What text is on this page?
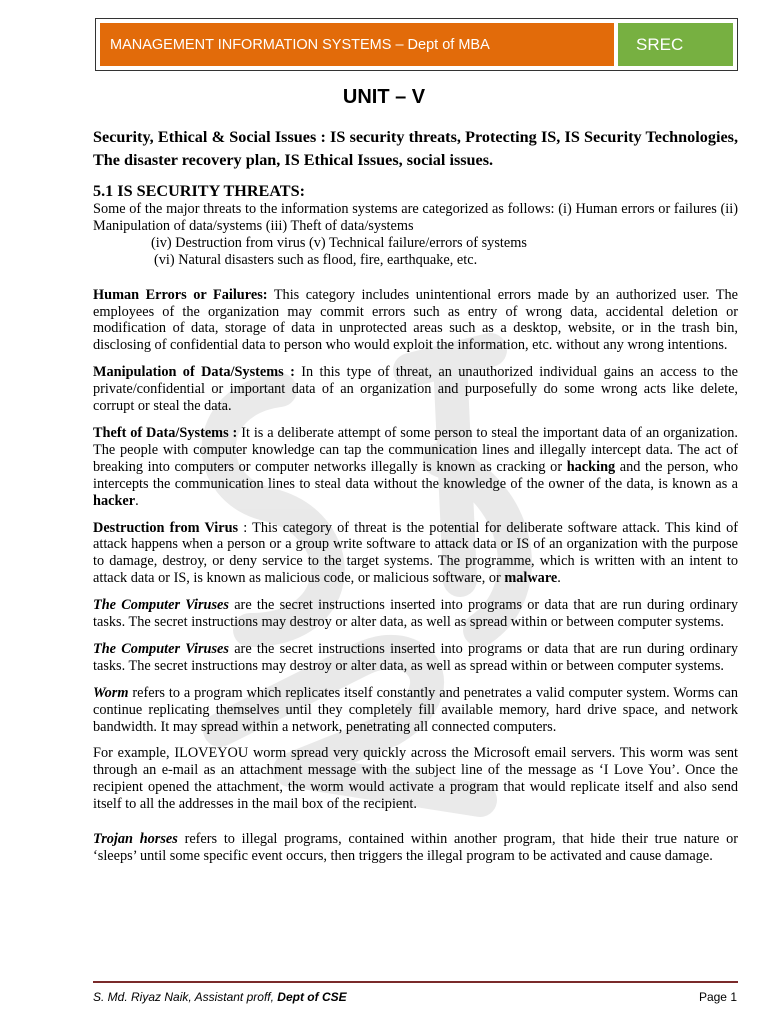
MANAGEMENT INFORMATION SYSTEMS – Dept of MBA	SREC
UNIT – V
Security, Ethical & Social Issues : IS security threats, Protecting IS, IS Security Technologies, The disaster recovery plan, IS Ethical Issues, social issues.
5.1 IS SECURITY THREATS:

Some of the major threats to the information systems are categorized as follows: (i) Human errors or failures (ii) Manipulation of data/systems (iii) Theft of data/systems

(iv) Destruction from virus (v) Technical failure/errors of systems

(vi) Natural disasters such as flood, fire, earthquake, etc.

Human Errors or Failures: This category includes unintentional errors made by an authorized user. The employees of the organization may commit errors such as entry of wrong data, accidental deletion or modification of data, storage of data in unprotected areas such as a desktop, website, or in the trash bin, disclosing of confidential data to person who would exploit the information, etc. without any wrong intentions.

Manipulation of Data/Systems : In this type of threat, an unauthorized individual gains an access to the private/confidential or important data of an organization and purposefully do some wrong acts like delete, corrupt or steal the data.

Theft of Data/Systems : It is a deliberate attempt of some person to steal the important data of an organization. The people with computer knowledge can tap the communication lines and illegally intercept data. The act of breaking into computers or computer networks illegally is known as cracking or hacking and the person, who intercepts the communication lines to steal data without the knowledge of the owner of the data, is known as a hacker.

Destruction from Virus : This category of threat is the potential for deliberate software attack. This kind of attack happens when a person or a group write software to attack data or IS of an organization with the purpose to damage, destroy, or deny service to the target systems. The programme, which is written with an intent to attack data or IS, is known as malicious code, or malicious software, or malware.

The Computer Viruses are the secret instructions inserted into programs or data that are run during ordinary tasks. The secret instructions may destroy or alter data, as well as spread within or between computer systems.

The Computer Viruses are the secret instructions inserted into programs or data that are run during ordinary tasks. The secret instructions may destroy or alter data, as well as spread within or between computer systems.

Worm refers to a program which replicates itself constantly and penetrates a valid computer system. Worms can continue replicating themselves until they completely fill available memory, hard drive space, and network bandwidth. It may spread within a network, penetrating all connected computers.

For example, ILOVEYOU worm spread very quickly across the Microsoft email servers. This worm was sent through an e-mail as an attachment message with the subject line of the message as ‘I Love You’. Once the recipient opened the attachment, the worm would activate a program that would replicate itself and also send itself to all the addresses in the mail box of the recipient.

Trojan horses refers to illegal programs, contained within another program, that hide their true nature or ‘sleeps’ until some specific event occurs, then triggers the illegal program to be activated and cause damage.

S. Md. Riyaz Naik, Assistant proff, Dept of CSE	Page 1
